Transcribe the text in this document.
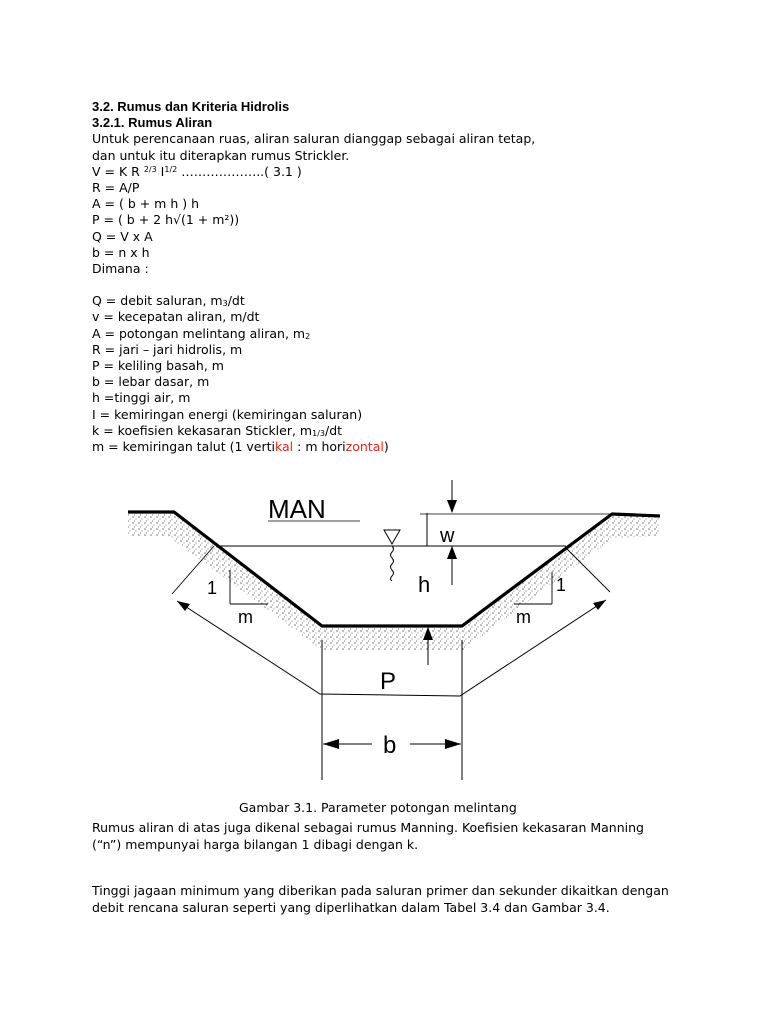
3.2. Rumus dan Kriteria Hidrolis
3.2.1. Rumus Aliran
Untuk perencanaan ruas, aliran saluran dianggap sebagai aliran tetap,
dan untuk itu diterapkan rumus Strickler.
V = K R $^{2/3}$ $I^{1/2}$ ………………..( 3.1 )
R = A/P
A = ( b + m h ) h
P = ( b + 2 h√(1 + m²))
Q = V x A
b = n x h
Dimana :
Q = debit saluran, $m_3/dt$
v = kecepatan aliran, m/dt
A = potongan melintang aliran, $m_2$
R = jari – jari hidrolis, m
P = keliling basah, m
b = lebar dasar, m
h =tinggi air, m
I = kemiringan energi (kemiringan saluran)
k = koefisien kekasaran Stickler, $m_{1/3}/dt$
m = kemiringan talut (1 vertikal : m horizontal)
MAN
w
h
1
m
1
m
P
b
Gambar 3.1. Parameter potongan melintang
Rumus aliran di atas juga dikenal sebagai rumus Manning. Koefisien kekasaran Manning
(“n”) mempunyai harga bilangan 1 dibagi dengan k.
Tinggi jagaan minimum yang diberikan pada saluran primer dan sekunder dikaitkan dengan
debit rencana saluran seperti yang diperlihatkan dalam Tabel 3.4 dan Gambar 3.4.
